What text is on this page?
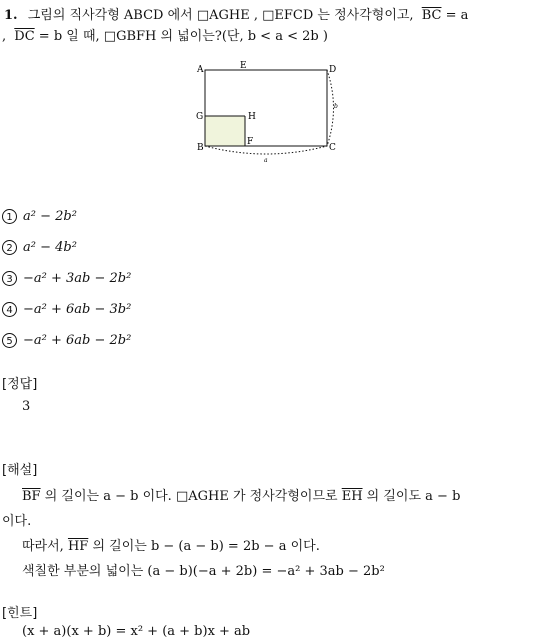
1. 그림의 직사각형 ABCD 에서 □AGHE , □EFCD 는 정사각형이고, $\overline{BC} = a$
, $\overline{DC} = b$ 일 때, □GBFH 의 넓이는?(단, b < a < 2b )
A	E	D
G	H
B
F
C
a
b
1 a² − 2b²
2 a² − 4b²
3 −a² + 3ab − 2b²
4 −a² + 6ab − 3b²
5 −a² + 6ab − 2b²
[정답]
3
[해설]
$\overline{BF}$ 의 길이는 a − b 이다. □AGHE 가 정사각형이므로 $\overline{EH}$ 의 길이도 a − b
이다.
따라서, $\overline{HF}$ 의 길이는 b − (a − b) = 2b − a 이다.
색칠한 부분의 넓이는 (a − b)(−a + 2b) = −a² + 3ab − 2b²
[힌트]
(x + a)(x + b) = x² + (a + b)x + ab
